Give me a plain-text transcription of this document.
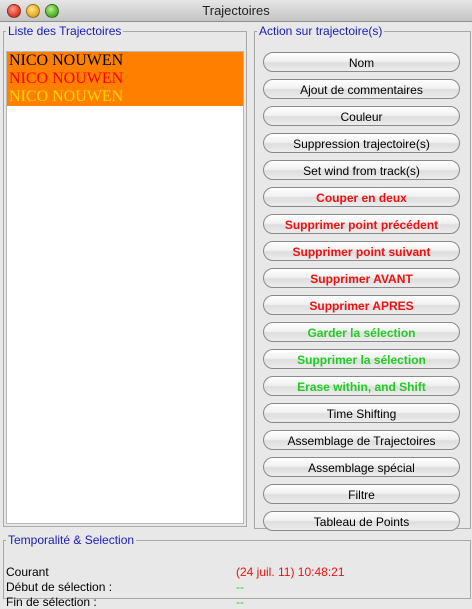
Trajectoires
Liste des Trajectoires
NICO NOUWEN
NICO NOUWEN
NICO NOUWEN
Action sur trajectoire(s)
Nom
Ajout de commentaires
Couleur
Suppression trajectoire(s)
Set wind from track(s)
Couper en deux
Supprimer point précédent
Supprimer point suivant
Supprimer AVANT
Supprimer APRES
Garder la sélection
Supprimer la sélection
Erase within, and Shift
Time Shifting
Assemblage de Trajectoires
Assemblage spécial
Filtre
Tableau de Points
Temporalité & Selection
Courant	(24 juil. 11) 10:48:21
Début de sélection :	--
Fin de sélection :	--
